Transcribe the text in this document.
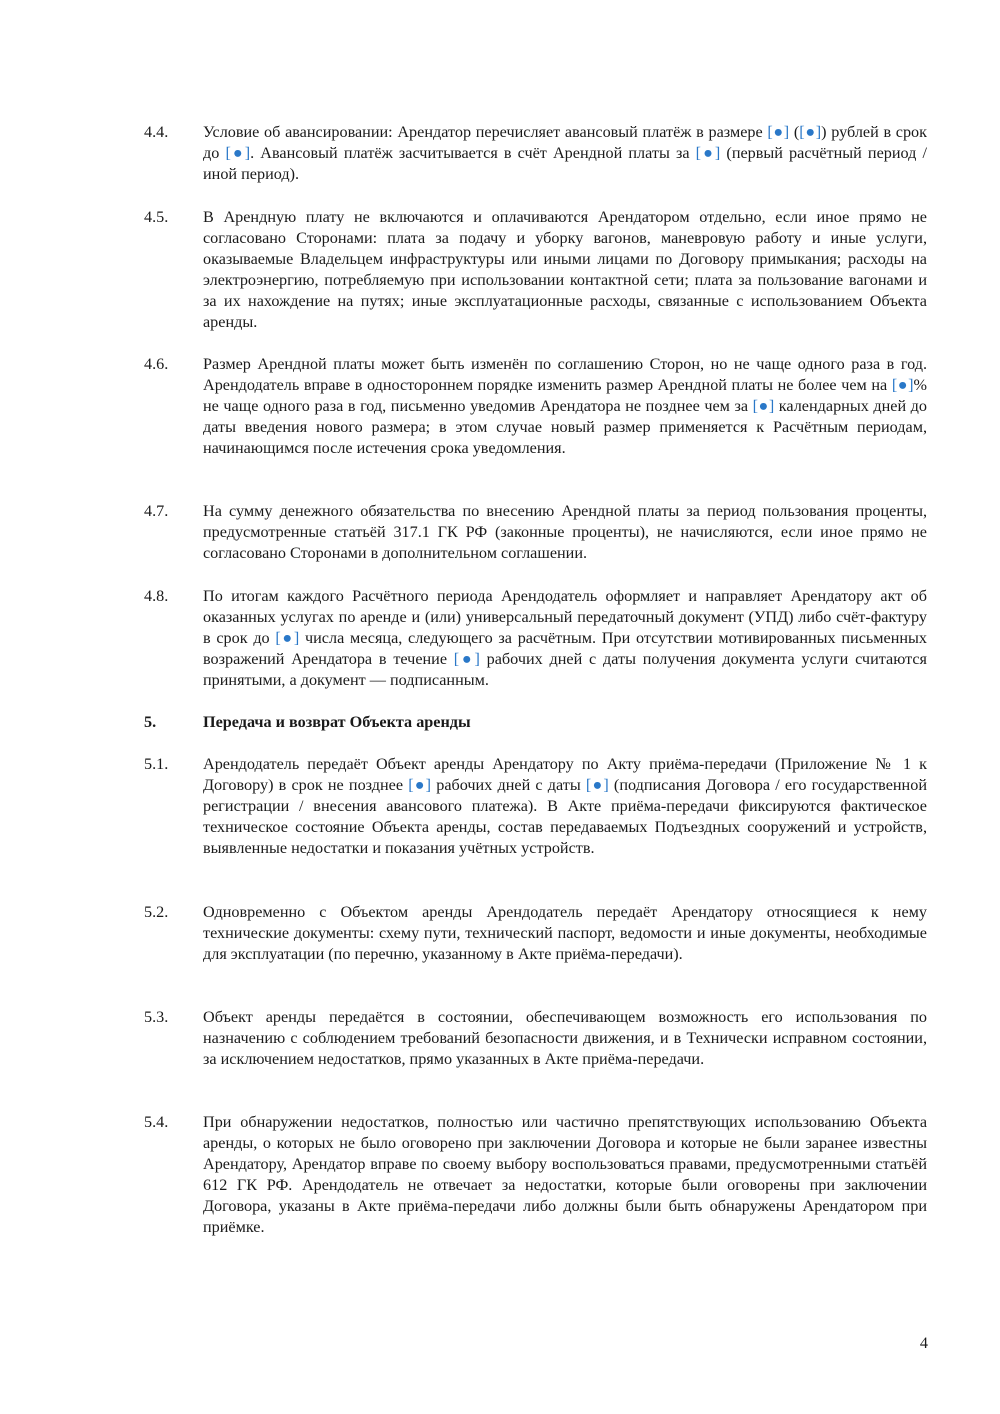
4.4.	Условие об авансировании: Арендатор перечисляет авансовый платёж в размере [●] ([●]) рублей в срок до [●]. Авансовый платёж засчитывается в счёт Арендной платы за [●] (первый расчётный период / иной период).
4.5.	В Арендную плату не включаются и оплачиваются Арендатором отдельно, если иное прямо не согласовано Сторонами: плата за подачу и уборку вагонов, маневровую работу и иные услуги, оказываемые Владельцем инфраструктуры или иными лицами по Договору примыкания; расходы на электроэнергию, потребляемую при использовании контактной сети; плата за пользование вагонами и за их нахождение на путях; иные эксплуатационные расходы, связанные с использованием Объекта аренды.
4.6.	Размер Арендной платы может быть изменён по соглашению Сторон, но не чаще одного раза в год. Арендодатель вправе в одностороннем порядке изменить размер Арендной платы не более чем на [●]% не чаще одного раза в год, письменно уведомив Арендатора не позднее чем за [●] календарных дней до даты введения нового размера; в этом случае новый размер применяется к Расчётным периодам, начинающимся после истечения срока уведомления.
4.7.	На сумму денежного обязательства по внесению Арендной платы за период пользования проценты, предусмотренные статьёй 317.1 ГК РФ (законные проценты), не начисляются, если иное прямо не согласовано Сторонами в дополнительном соглашении.
4.8.	По итогам каждого Расчётного периода Арендодатель оформляет и направляет Арендатору акт об оказанных услугах по аренде и (или) универсальный передаточный документ (УПД) либо счёт-фактуру в срок до [●] числа месяца, следующего за расчётным. При отсутствии мотивированных письменных возражений Арендатора в течение [●] рабочих дней с даты получения документа услуги считаются принятыми, а документ — подписанным.
5.	Передача и возврат Объекта аренды
5.1.	Арендодатель передаёт Объект аренды Арендатору по Акту приёма-передачи (Приложение № 1 к Договору) в срок не позднее [●] рабочих дней с даты [●] (подписания Договора / его государственной регистрации / внесения авансового платежа). В Акте приёма-передачи фиксируются фактическое техническое состояние Объекта аренды, состав передаваемых Подъездных сооружений и устройств, выявленные недостатки и показания учётных устройств.
5.2.	Одновременно с Объектом аренды Арендодатель передаёт Арендатору относящиеся к нему технические документы: схему пути, технический паспорт, ведомости и иные документы, необходимые для эксплуатации (по перечню, указанному в Акте приёма-передачи).
5.3.	Объект аренды передаётся в состоянии, обеспечивающем возможность его использования по назначению с соблюдением требований безопасности движения, и в Технически исправном состоянии, за исключением недостатков, прямо указанных в Акте приёма-передачи.
5.4.	При обнаружении недостатков, полностью или частично препятствующих использованию Объекта аренды, о которых не было оговорено при заключении Договора и которые не были заранее известны Арендатору, Арендатор вправе по своему выбору воспользоваться правами, предусмотренными статьёй 612 ГК РФ. Арендодатель не отвечает за недостатки, которые были оговорены при заключении Договора, указаны в Акте приёма-передачи либо должны были быть обнаружены Арендатором при приёмке.
4
